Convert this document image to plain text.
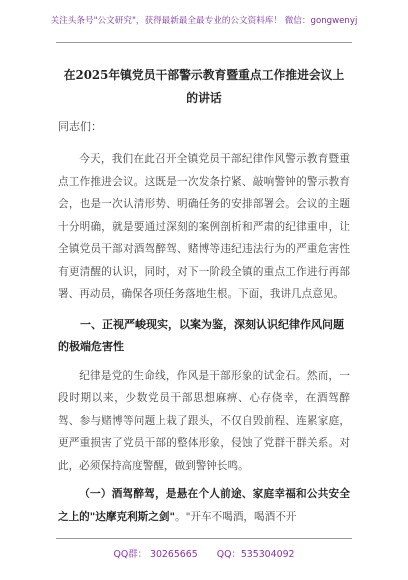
关注头条号"公文研究"，获得最新最全最专业的公文资料库！ 微信：gongwenyj
在2025年镇党员干部警示教育暨重点工作推进会议上的讲话
同志们：

今天，我们在此召开全镇党员干部纪律作风警示教育暨重点工作推进会议。这既是一次发条拧紧、敲响警钟的警示教育会，也是一次认清形势、明确任务的安排部署会。会议的主题十分明确，就是要通过深刻的案例剖析和严肃的纪律重申，让全镇党员干部对酒驾醉驾、赌博等违纪违法行为的严重危害性有更清醒的认识，同时，对下一阶段全镇的重点工作进行再部署、再动员，确保各项任务落地生根。下面，我讲几点意见。

一、正视严峻现实，以案为鉴，深刻认识纪律作风问题的极端危害性

纪律是党的生命线，作风是干部形象的试金石。然而，一段时期以来，少数党员干部思想麻痹、心存侥幸，在酒驾醉驾、参与赌博等问题上栽了跟头，不仅自毁前程、连累家庭，更严重损害了党员干部的整体形象，侵蚀了党群干群关系。对此，必须保持高度警醒，做到警钟长鸣。

（一）酒驾醉驾，是悬在个人前途、家庭幸福和公共安全之上的"达摩克利斯之剑"。"开车不喝酒，喝酒不开
QQ群： 30265665 QQ：535304092
